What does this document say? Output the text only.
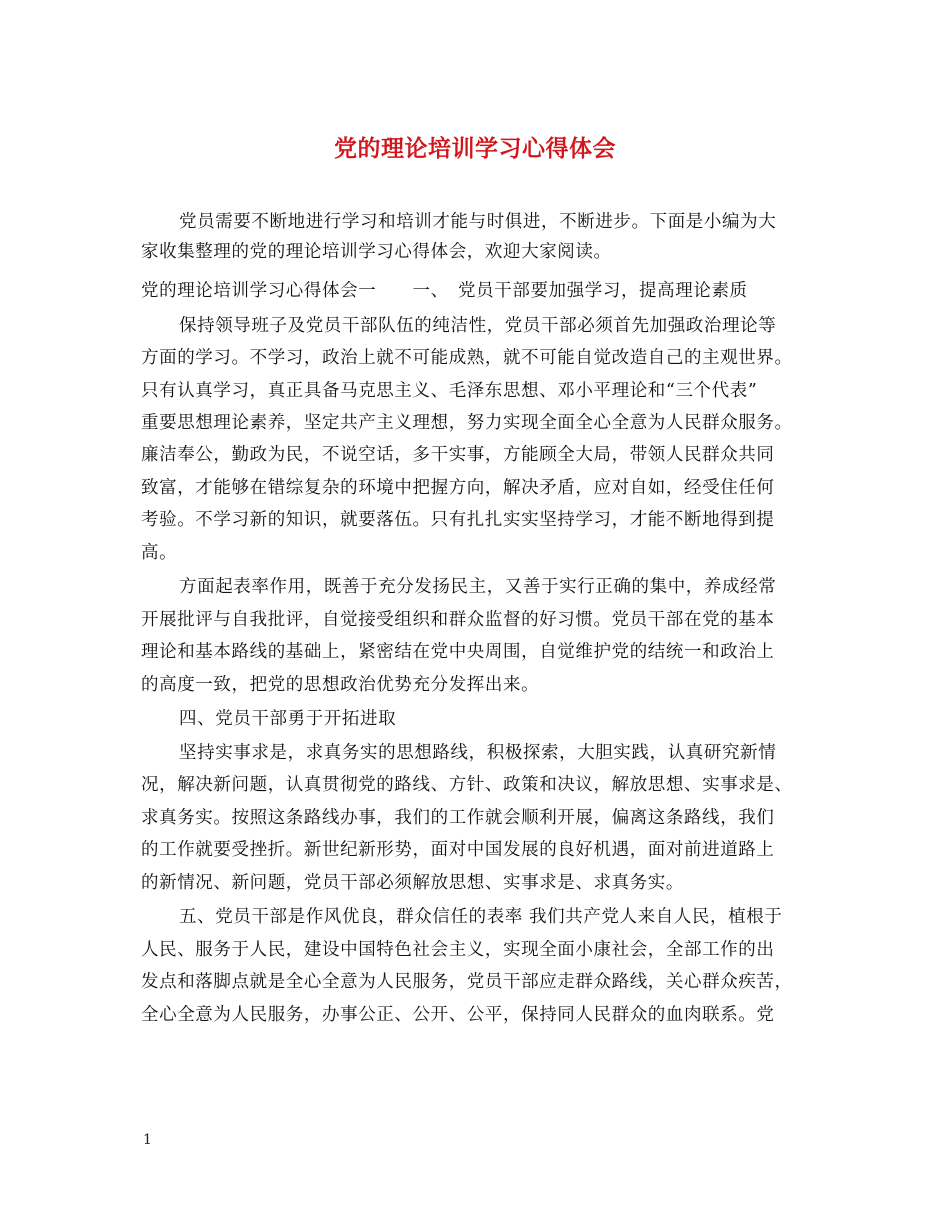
党的理论培训学习心得体会
党员需要不断地进行学习和培训才能与时俱进，不断进步。下面是小编为大
家收集整理的党的理论培训学习心得体会，欢迎大家阅读。
党的理论培训学习心得体会一　　一、　党员干部要加强学习，提高理论素质
保持领导班子及党员干部队伍的纯洁性，党员干部必须首先加强政治理论等
方面的学习。不学习，政治上就不可能成熟，就不可能自觉改造自己的主观世界。
只有认真学习，真正具备马克思主义、毛泽东思想、邓小平理论和“三个代表”
重要思想理论素养，坚定共产主义理想，努力实现全面全心全意为人民群众服务。
廉洁奉公，勤政为民，不说空话，多干实事，方能顾全大局，带领人民群众共同
致富，才能够在错综复杂的环境中把握方向，解决矛盾，应对自如，经受住任何
考验。不学习新的知识，就要落伍。只有扎扎实实坚持学习，才能不断地得到提
高。
方面起表率作用，既善于充分发扬民主，又善于实行正确的集中，养成经常
开展批评与自我批评，自觉接受组织和群众监督的好习惯。党员干部在党的基本
理论和基本路线的基础上，紧密结在党中央周围，自觉维护党的结统一和政治上
的高度一致，把党的思想政治优势充分发挥出来。
四、党员干部勇于开拓进取
坚持实事求是，求真务实的思想路线，积极探索，大胆实践，认真研究新情
况，解决新问题，认真贯彻党的路线、方针、政策和决议，解放思想、实事求是、
求真务实。按照这条路线办事，我们的工作就会顺利开展，偏离这条路线，我们
的工作就要受挫折。新世纪新形势，面对中国发展的良好机遇，面对前进道路上
的新情况、新问题，党员干部必须解放思想、实事求是、求真务实。
五、党员干部是作风优良，群众信任的表率 我们共产党人来自人民，植根于
人民、服务于人民，建设中国特色社会主义，实现全面小康社会，全部工作的出
发点和落脚点就是全心全意为人民服务，党员干部应走群众路线，关心群众疾苦，
全心全意为人民服务，办事公正、公开、公平，保持同人民群众的血肉联系。党
1
